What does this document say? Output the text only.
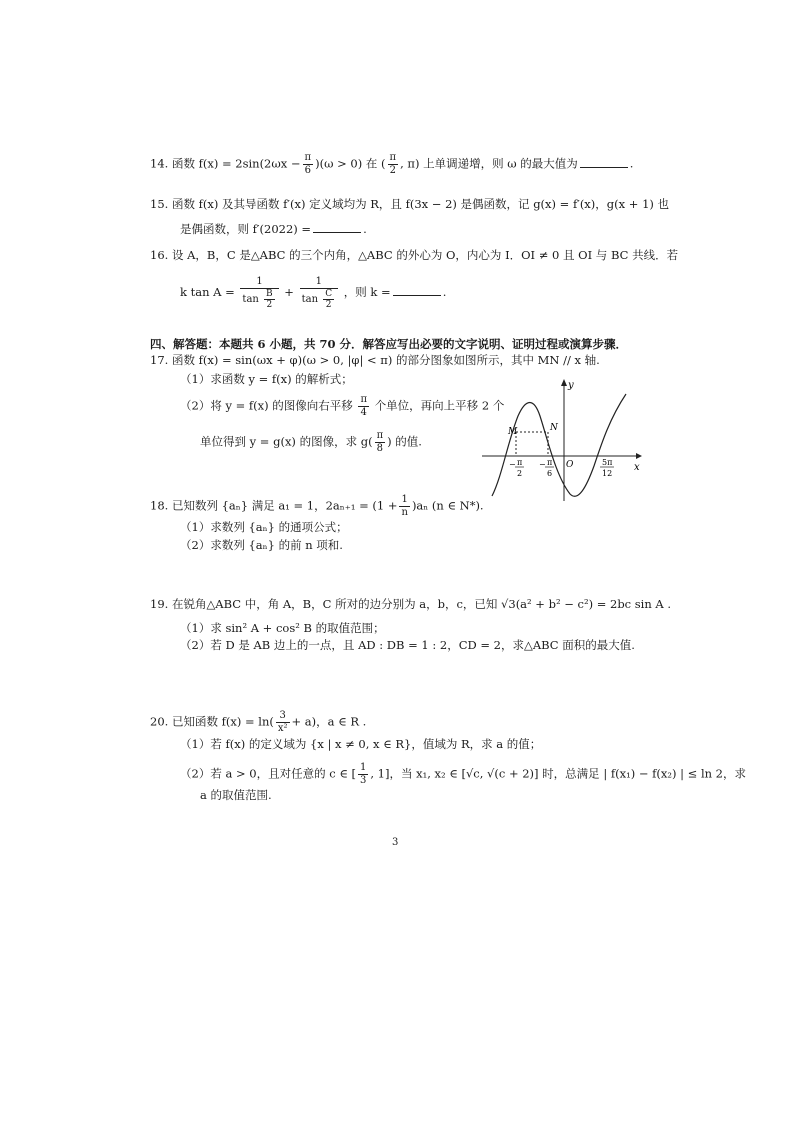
14. 函数 $f(x) = 2\sin(2\omega x - \frac{\pi}{6} )(\omega > 0)$ 在 ( $\frac{\pi}{2}$ , π) 上单调递增，则 ω 的最大值为	.
15. 函数 f(x) 及其导函数 f′(x) 定义域均为 R，且 f(3x − 2) 是偶函数，记 g(x) = f′(x)，g(x + 1) 也
是偶函数，则 f′(2022) =	.
16. 设 A，B，C 是△ABC 的三个内角，△ABC 的外心为 O，内心为 I．OI ≠ 0 且 OI 与 BC 共线．若
k $\tan A = \frac{1}{\tan \frac{B}{2}} + \frac{1}{\tan \frac{C}{2}}$ ，则 k =	.
四、解答题：本题共 6 小题，共 70 分．解答应写出必要的文字说明、证明过程或演算步骤．
17. 函数 f(x) = sin(ωx + φ)(ω > 0, |φ| < π) 的部分图象如图所示，其中 MN // x 轴.
（1）求函数 y = f(x) 的解析式；
（2）将 y = f(x) 的图像向右平移 $\frac{\pi}{4}$ 个单位，再向上平移 2 个
单位得到 y = g(x) 的图像，求 $g( \frac{\pi}{8}$ ) 的值.
y
x
M	N
O
− π
2
− π
6
5π
12
18. 已知数列 {aₙ} 满足 a₁ = 1，$2a_{n+1} = (1 + \frac{1}{n} )a_n$ (n ∈ N*).
（1）求数列 {aₙ} 的通项公式；
（2）求数列 {aₙ} 的前 n 项和.
19. 在锐角△ABC 中，角 A，B，C 所对的边分别为 a，b，c，已知 √3(a² + b² − c²) = 2bc sin A .
（1）求 sin² A + cos² B 的取值范围；
（2）若 D 是 AB 边上的一点，且 AD : DB = 1 : 2，CD = 2，求△ABC 面积的最大值.
20. 已知函数 $f(x) = \ln( \frac{3}{\text{x²}} + a)$，a ∈ R .
（1）若 f(x) 的定义域为 {x | x ≠ 0, x ∈ R}，值域为 R，求 a 的值；
（2）若 a > 0，且对任意的 c ∈ [ $\frac{1}{3}$ , 1]，当 x₁, x₂ ∈ [√c, √(c + 2)] 时，总满足 | f(x₁) − f(x₂) | ≤ ln 2，求
a 的取值范围.
3
